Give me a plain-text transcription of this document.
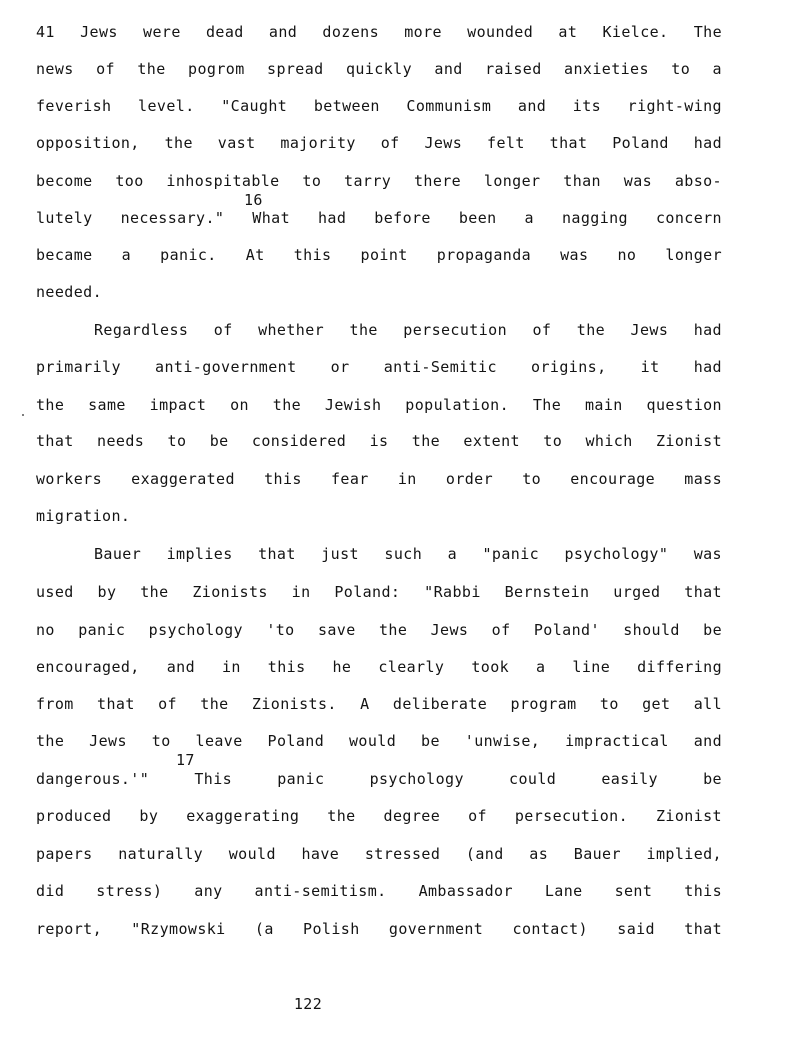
41 Jews were dead and dozens more wounded at Kielce. The
news of the pogrom spread quickly and raised anxieties to a
feverish level. "Caught between Communism and its right-wing
opposition, the vast majority of Jews felt that Poland had
become too inhospitable to tarry there longer than was abso-
16
lutely necessary." What had before been a nagging concern
became a panic. At this point propaganda was no longer
needed.
Regardless of whether the persecution of the Jews had
primarily anti-government or anti-Semitic origins, it had
the same impact on the Jewish population. The main question
that needs to be considered is the extent to which Zionist
workers exaggerated this fear in order to encourage mass
migration.
Bauer implies that just such a "panic psychology" was
used by the Zionists in Poland: "Rabbi Bernstein urged that
no panic psychology 'to save the Jews of Poland' should be
encouraged, and in this he clearly took a line differing
from that of the Zionists. A deliberate program to get all
the Jews to leave Poland would be 'unwise, impractical and
17
dangerous.'" This panic psychology could easily be
produced by exaggerating the degree of persecution. Zionist
papers naturally would have stressed (and as Bauer implied,
did stress) any anti-semitism. Ambassador Lane sent this
report, "Rzymowski (a Polish government contact) said that
122
